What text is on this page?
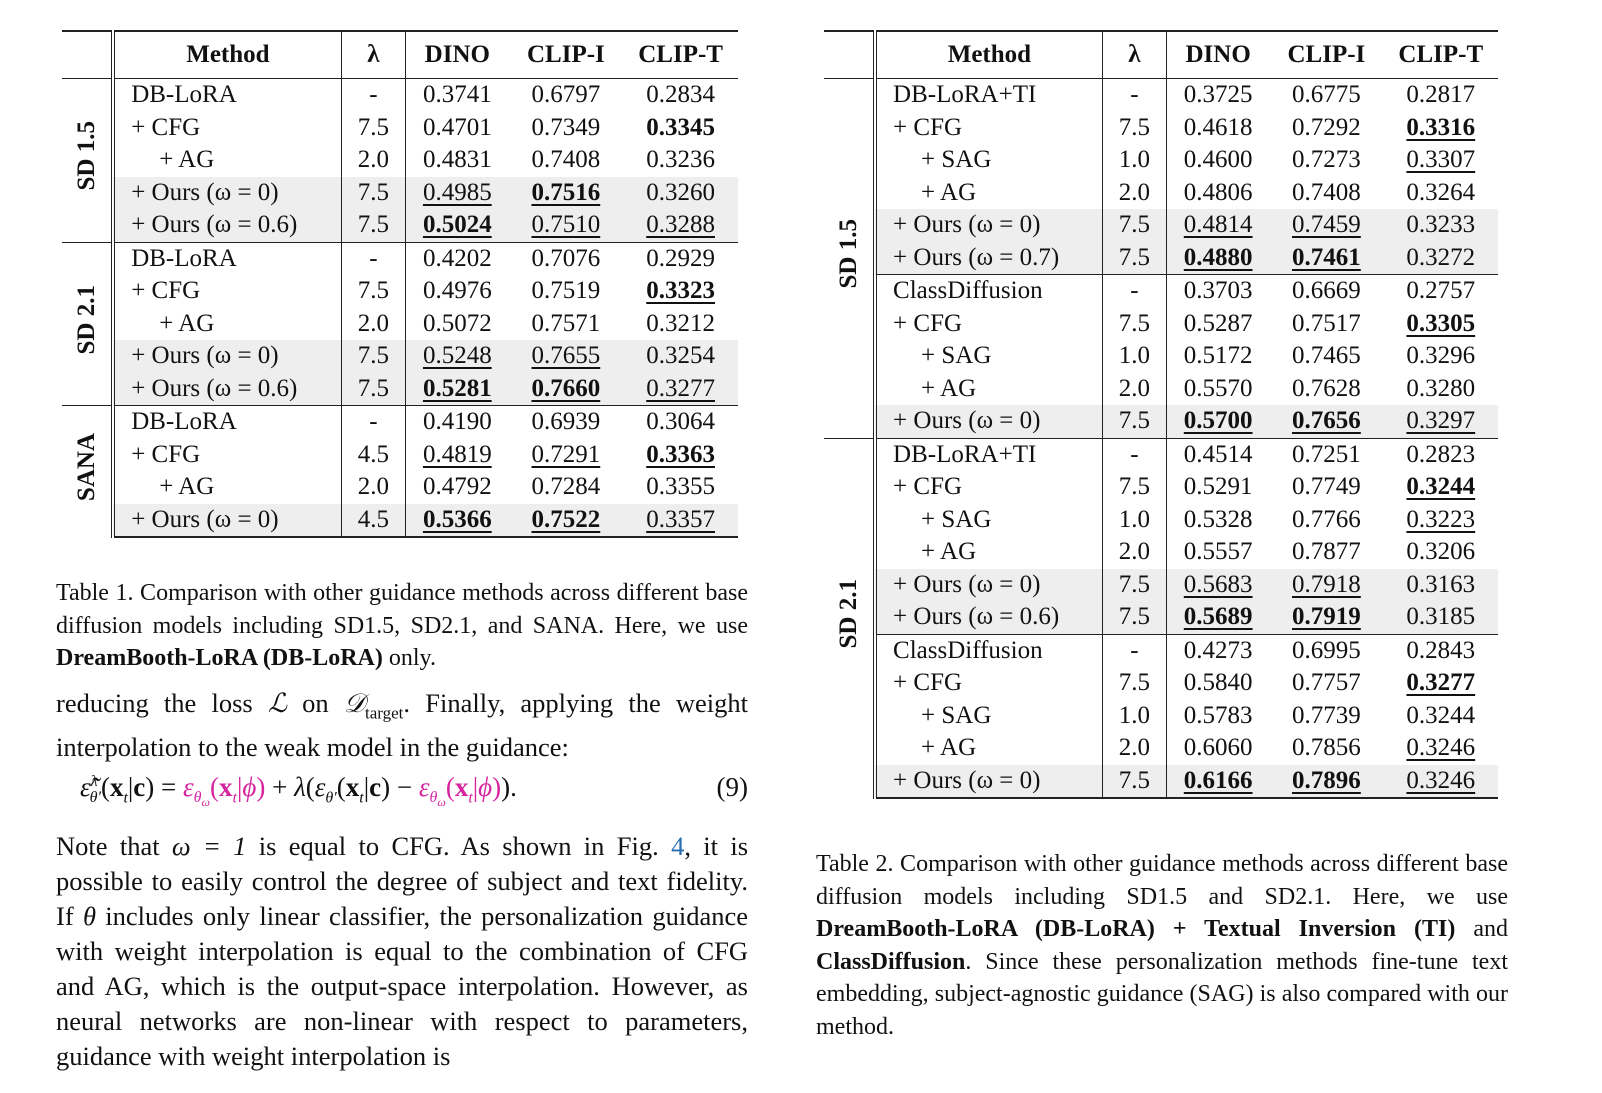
	Method	λ	DINO	CLIP-I	CLIP-T
SD 1.5	DB-LoRA	-	0.3741	0.6797	0.2834
	+ CFG	7.5	0.4701	0.7349	0.3345
	+ AG	2.0	0.4831	0.7408	0.3236
	+ Ours (ω = 0)	7.5	0.4985	0.7516	0.3260
	+ Ours (ω = 0.6)	7.5	0.5024	0.7510	0.3288
SD 2.1	DB-LoRA	-	0.4202	0.7076	0.2929
	+ CFG	7.5	0.4976	0.7519	0.3323
	+ AG	2.0	0.5072	0.7571	0.3212
	+ Ours (ω = 0)	7.5	0.5248	0.7655	0.3254
	+ Ours (ω = 0.6)	7.5	0.5281	0.7660	0.3277
SANA	DB-LoRA	-	0.4190	0.6939	0.3064
	+ CFG	4.5	0.4819	0.7291	0.3363
	+ AG	2.0	0.4792	0.7284	0.3355
	+ Ours (ω = 0)	4.5	0.5366	0.7522	0.3357
Table 1. Comparison with other guidance methods across different base diffusion models including SD1.5, SD2.1, and SANA. Here, we use DreamBooth-LoRA (DB-LoRA) only.
reducing the loss ℒ on 𝒟$_{target}$. Finally, applying the weight interpolation to the weak model in the guidance:
$\varepsiloñ^\lambda_{\theta'}(x_t|c) = \varepsilon_{\theta_\omega}(x_t|\phi) + \lambda(\varepsilon_{\theta'}(x_t|c) - \varepsilon_{\theta_\omega}(x_t|\phi))$.	(9)
Note that ω = 1 is equal to CFG. As shown in Fig. 4, it is possible to easily control the degree of subject and text fidelity. If θ includes only linear classifier, the personalization guidance with weight interpolation is equal to the combination of CFG and AG, which is the output-space interpolation. However, as neural networks are non-linear with respect to parameters, guidance with weight interpolation is
	Method	λ	DINO	CLIP-I	CLIP-T
SD 1.5	DB-LoRA+TI	-	0.3725	0.6775	0.2817
	+ CFG	7.5	0.4618	0.7292	0.3316
	+ SAG	1.0	0.4600	0.7273	0.3307
	+ AG	2.0	0.4806	0.7408	0.3264
	+ Ours (ω = 0)	7.5	0.4814	0.7459	0.3233
	+ Ours (ω = 0.7)	7.5	0.4880	0.7461	0.3272
	ClassDiffusion	-	0.3703	0.6669	0.2757
	+ CFG	7.5	0.5287	0.7517	0.3305
	+ SAG	1.0	0.5172	0.7465	0.3296
	+ AG	2.0	0.5570	0.7628	0.3280
	+ Ours (ω = 0)	7.5	0.5700	0.7656	0.3297
SD 2.1	DB-LoRA+TI	-	0.4514	0.7251	0.2823
	+ CFG	7.5	0.5291	0.7749	0.3244
	+ SAG	1.0	0.5328	0.7766	0.3223
	+ AG	2.0	0.5557	0.7877	0.3206
	+ Ours (ω = 0)	7.5	0.5683	0.7918	0.3163
	+ Ours (ω = 0.6)	7.5	0.5689	0.7919	0.3185
	ClassDiffusion	-	0.4273	0.6995	0.2843
	+ CFG	7.5	0.5840	0.7757	0.3277
	+ SAG	1.0	0.5783	0.7739	0.3244
	+ AG	2.0	0.6060	0.7856	0.3246
	+ Ours (ω = 0)	7.5	0.6166	0.7896	0.3246
Table 2. Comparison with other guidance methods across different base diffusion models including SD1.5 and SD2.1. Here, we use DreamBooth-LoRA (DB-LoRA) + Textual Inversion (TI) and ClassDiffusion. Since these personalization methods fine-tune text embedding, subject-agnostic guidance (SAG) is also compared with our method.
